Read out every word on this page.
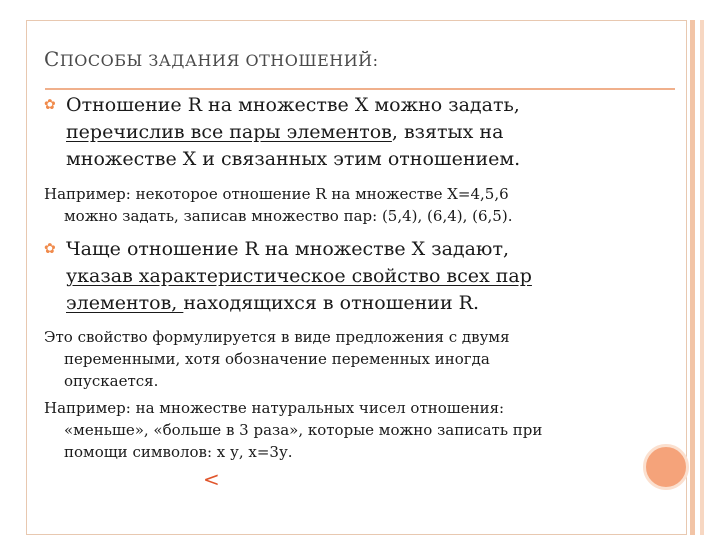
СПОСОБЫ ЗАДАНИЯ ОТНОШЕНИЙ:
✿ Отношение R на множестве X можно задать,
перечислив все пары элементов, взятых на
множестве X и связанных этим отношением.
Например: некоторое отношение R на множестве X=4,5,6
можно задать, записав множество пар: (5,4), (6,4), (6,5).
✿ Чаще отношение R на множестве X задают,
указав характеристическое свойство всех пар
элементов, находящихся в отношении R.
Это свойство формулируется в виде предложения с двумя
переменными, хотя обозначение переменных иногда
опускается.
Например: на множестве натуральных чисел отношения:
«меньше», «больше в 3 раза», которые можно записать при
помощи символов: х у, х=3у.
<
